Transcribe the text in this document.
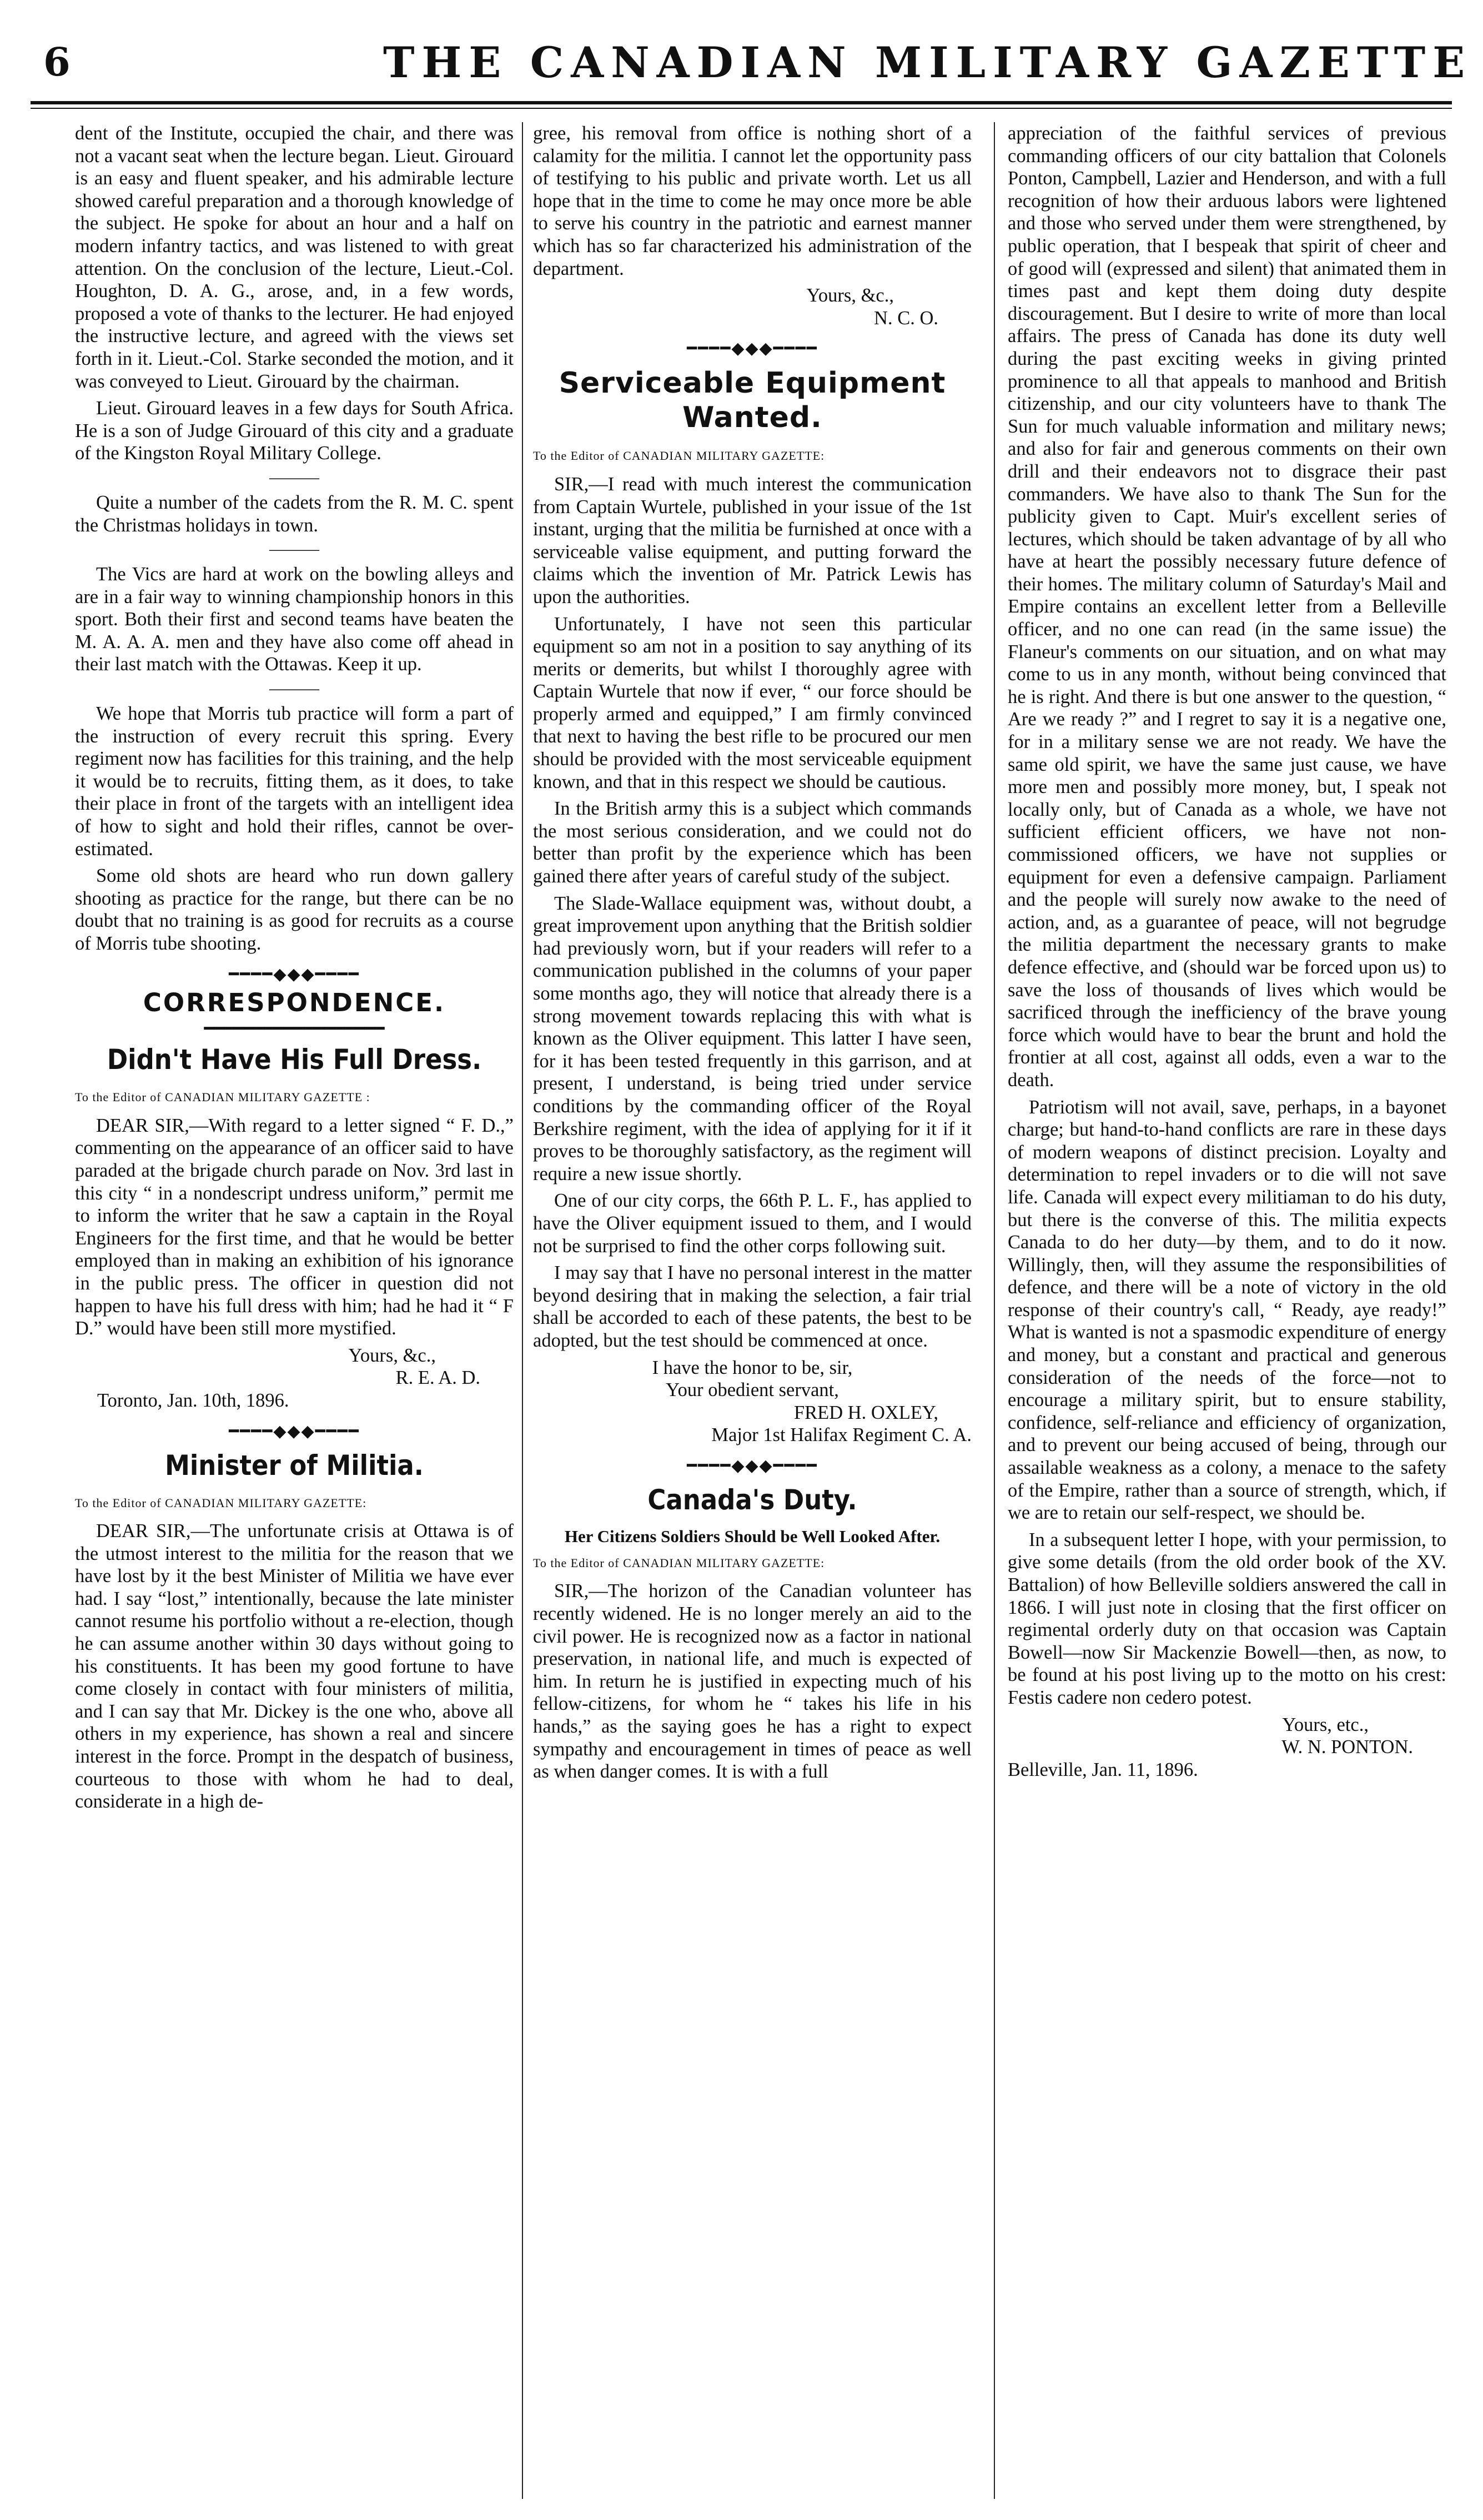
6	THE CANADIAN MILITARY GAZETTE

dent of the Institute, occupied the chair, and there was not a vacant seat when the lecture began. Lieut. Girouard is an easy and fluent speaker, and his admirable lecture showed careful preparation and a thorough knowledge of the subject. He spoke for about an hour and a half on modern infantry tactics, and was listened to with great attention. On the conclusion of the lecture, Lieut.-Col. Houghton, D. A. G., arose, and, in a few words, proposed a vote of thanks to the lecturer. He had enjoyed the instructive lecture, and agreed with the views set forth in it. Lieut.-Col. Starke seconded the motion, and it was conveyed to Lieut. Girouard by the chairman.

Lieut. Girouard leaves in a few days for South Africa. He is a son of Judge Girouard of this city and a graduate of the Kingston Royal Military College.

———

Quite a number of the cadets from the R. M. C. spent the Christmas holidays in town.

———

The Vics are hard at work on the bowling alleys and are in a fair way to winning championship honors in this sport. Both their first and second teams have beaten the M. A. A. A. men and they have also come off ahead in their last match with the Ottawas. Keep it up.

———

We hope that Morris tub practice will form a part of the instruction of every recruit this spring. Every regiment now has facilities for this training, and the help it would be to recruits, fitting them, as it does, to take their place in front of the targets with an intelligent idea of how to sight and hold their rifles, cannot be over-estimated.

Some old shots are heard who run down gallery shooting as practice for the range, but there can be no doubt that no training is as good for recruits as a course of Morris tube shooting.

━━━━◆◆◆━━━━
CORRESPONDENCE.
━━━━━━━━━━━━━━━━━━
Didn't Have His Full Dress.

To the Editor of CANADIAN MILITARY GAZETTE :

DEAR SIR,—With regard to a letter signed “ F. D.,” commenting on the appearance of an officer said to have paraded at the brigade church parade on Nov. 3rd last in this city “ in a nondescript undress uniform,” permit me to inform the writer that he saw a captain in the Royal Engineers for the first time, and that he would be better employed than in making an exhibition of his ignorance in the public press. The officer in question did not happen to have his full dress with him; had he had it “ F D.” would have been still more mystified.

Yours, &c.,

R. E. A. D.

Toronto, Jan. 10th, 1896.

━━━━◆◆◆━━━━
Minister of Militia.

To the Editor of CANADIAN MILITARY GAZETTE:

DEAR SIR,—The unfortunate crisis at Ottawa is of the utmost interest to the militia for the reason that we have lost by it the best Minister of Militia we have ever had. I say “lost,” intentionally, because the late minister cannot resume his portfolio without a re-election, though he can assume another within 30 days without going to his constituents. It has been my good fortune to have come closely in contact with four ministers of militia, and I can say that Mr. Dickey is the one who, above all others in my experience, has shown a real and sincere interest in the force. Prompt in the despatch of business, courteous to those with whom he had to deal, considerate in a high de-

gree, his removal from office is nothing short of a calamity for the militia. I cannot let the opportunity pass of testifying to his public and private worth. Let us all hope that in the time to come he may once more be able to serve his country in the patriotic and earnest manner which has so far characterized his administration of the department.

Yours, &c.,

N. C. O.

━━━━◆◆◆━━━━
Serviceable Equipment Wanted.

To the Editor of CANADIAN MILITARY GAZETTE:

SIR,—I read with much interest the communication from Captain Wurtele, published in your issue of the 1st instant, urging that the militia be furnished at once with a serviceable valise equipment, and putting forward the claims which the invention of Mr. Patrick Lewis has upon the authorities.

Unfortunately, I have not seen this particular equipment so am not in a position to say anything of its merits or demerits, but whilst I thoroughly agree with Captain Wurtele that now if ever, “ our force should be properly armed and equipped,” I am firmly convinced that next to having the best rifle to be procured our men should be provided with the most serviceable equipment known, and that in this respect we should be cautious.

In the British army this is a subject which commands the most serious consideration, and we could not do better than profit by the experience which has been gained there after years of careful study of the subject.

The Slade-Wallace equipment was, without doubt, a great improvement upon anything that the British soldier had previously worn, but if your readers will refer to a communication published in the columns of your paper some months ago, they will notice that already there is a strong movement towards replacing this with what is known as the Oliver equipment. This latter I have seen, for it has been tested frequently in this garrison, and at present, I understand, is being tried under service conditions by the commanding officer of the Royal Berkshire regiment, with the idea of applying for it if it proves to be thoroughly satisfactory, as the regiment will require a new issue shortly.

One of our city corps, the 66th P. L. F., has applied to have the Oliver equipment issued to them, and I would not be surprised to find the other corps following suit.

I may say that I have no personal interest in the matter beyond desiring that in making the selection, a fair trial shall be accorded to each of these patents, the best to be adopted, but the test should be commenced at once.

I have the honor to be, sir,

Your obedient servant,

FRED H. OXLEY,

Major 1st Halifax Regiment C. A.

━━━━◆◆◆━━━━
Canada's Duty.
Her Citizens Soldiers Should be Well Looked After.

To the Editor of CANADIAN MILITARY GAZETTE:

SIR,—The horizon of the Canadian volunteer has recently widened. He is no longer merely an aid to the civil power. He is recognized now as a factor in national preservation, in national life, and much is expected of him. In return he is justified in expecting much of his fellow-citizens, for whom he “ takes his life in his hands,” as the saying goes he has a right to expect sympathy and encouragement in times of peace as well as when danger comes. It is with a full

appreciation of the faithful services of previous commanding officers of our city battalion that Colonels Ponton, Campbell, Lazier and Henderson, and with a full recognition of how their arduous labors were lightened and those who served under them were strengthened, by public operation, that I bespeak that spirit of cheer and of good will (expressed and silent) that animated them in times past and kept them doing duty despite discouragement. But I desire to write of more than local affairs. The press of Canada has done its duty well during the past exciting weeks in giving printed prominence to all that appeals to manhood and British citizenship, and our city volunteers have to thank The Sun for much valuable information and military news; and also for fair and generous comments on their own drill and their endeavors not to disgrace their past commanders. We have also to thank The Sun for the publicity given to Capt. Muir's excellent series of lectures, which should be taken advantage of by all who have at heart the possibly necessary future defence of their homes. The military column of Saturday's Mail and Empire contains an excellent letter from a Belleville officer, and no one can read (in the same issue) the Flaneur's comments on our situation, and on what may come to us in any month, without being convinced that he is right. And there is but one answer to the question, “ Are we ready ?” and I regret to say it is a negative one, for in a military sense we are not ready. We have the same old spirit, we have the same just cause, we have more men and possibly more money, but, I speak not locally only, but of Canada as a whole, we have not sufficient efficient officers, we have not non-commissioned officers, we have not supplies or equipment for even a defensive campaign. Parliament and the people will surely now awake to the need of action, and, as a guarantee of peace, will not begrudge the militia department the necessary grants to make defence effective, and (should war be forced upon us) to save the loss of thousands of lives which would be sacrificed through the inefficiency of the brave young force which would have to bear the brunt and hold the frontier at all cost, against all odds, even a war to the death.

Patriotism will not avail, save, perhaps, in a bayonet charge; but hand-to-hand conflicts are rare in these days of modern weapons of distinct precision. Loyalty and determination to repel invaders or to die will not save life. Canada will expect every militiaman to do his duty, but there is the converse of this. The militia expects Canada to do her duty—by them, and to do it now. Willingly, then, will they assume the responsibilities of defence, and there will be a note of victory in the old response of their country's call, “ Ready, aye ready!” What is wanted is not a spasmodic expenditure of energy and money, but a constant and practical and generous consideration of the needs of the force—not to encourage a military spirit, but to ensure stability, confidence, self-reliance and efficiency of organization, and to prevent our being accused of being, through our assailable weakness as a colony, a menace to the safety of the Empire, rather than a source of strength, which, if we are to retain our self-respect, we should be.

In a subsequent letter I hope, with your permission, to give some details (from the old order book of the XV. Battalion) of how Belleville soldiers answered the call in 1866. I will just note in closing that the first officer on regimental orderly duty on that occasion was Captain Bowell—now Sir Mackenzie Bowell—then, as now, to be found at his post living up to the motto on his crest: Festis cadere non cedero potest.

Yours, etc.,

W. N. PONTON.

Belleville, Jan. 11, 1896.
